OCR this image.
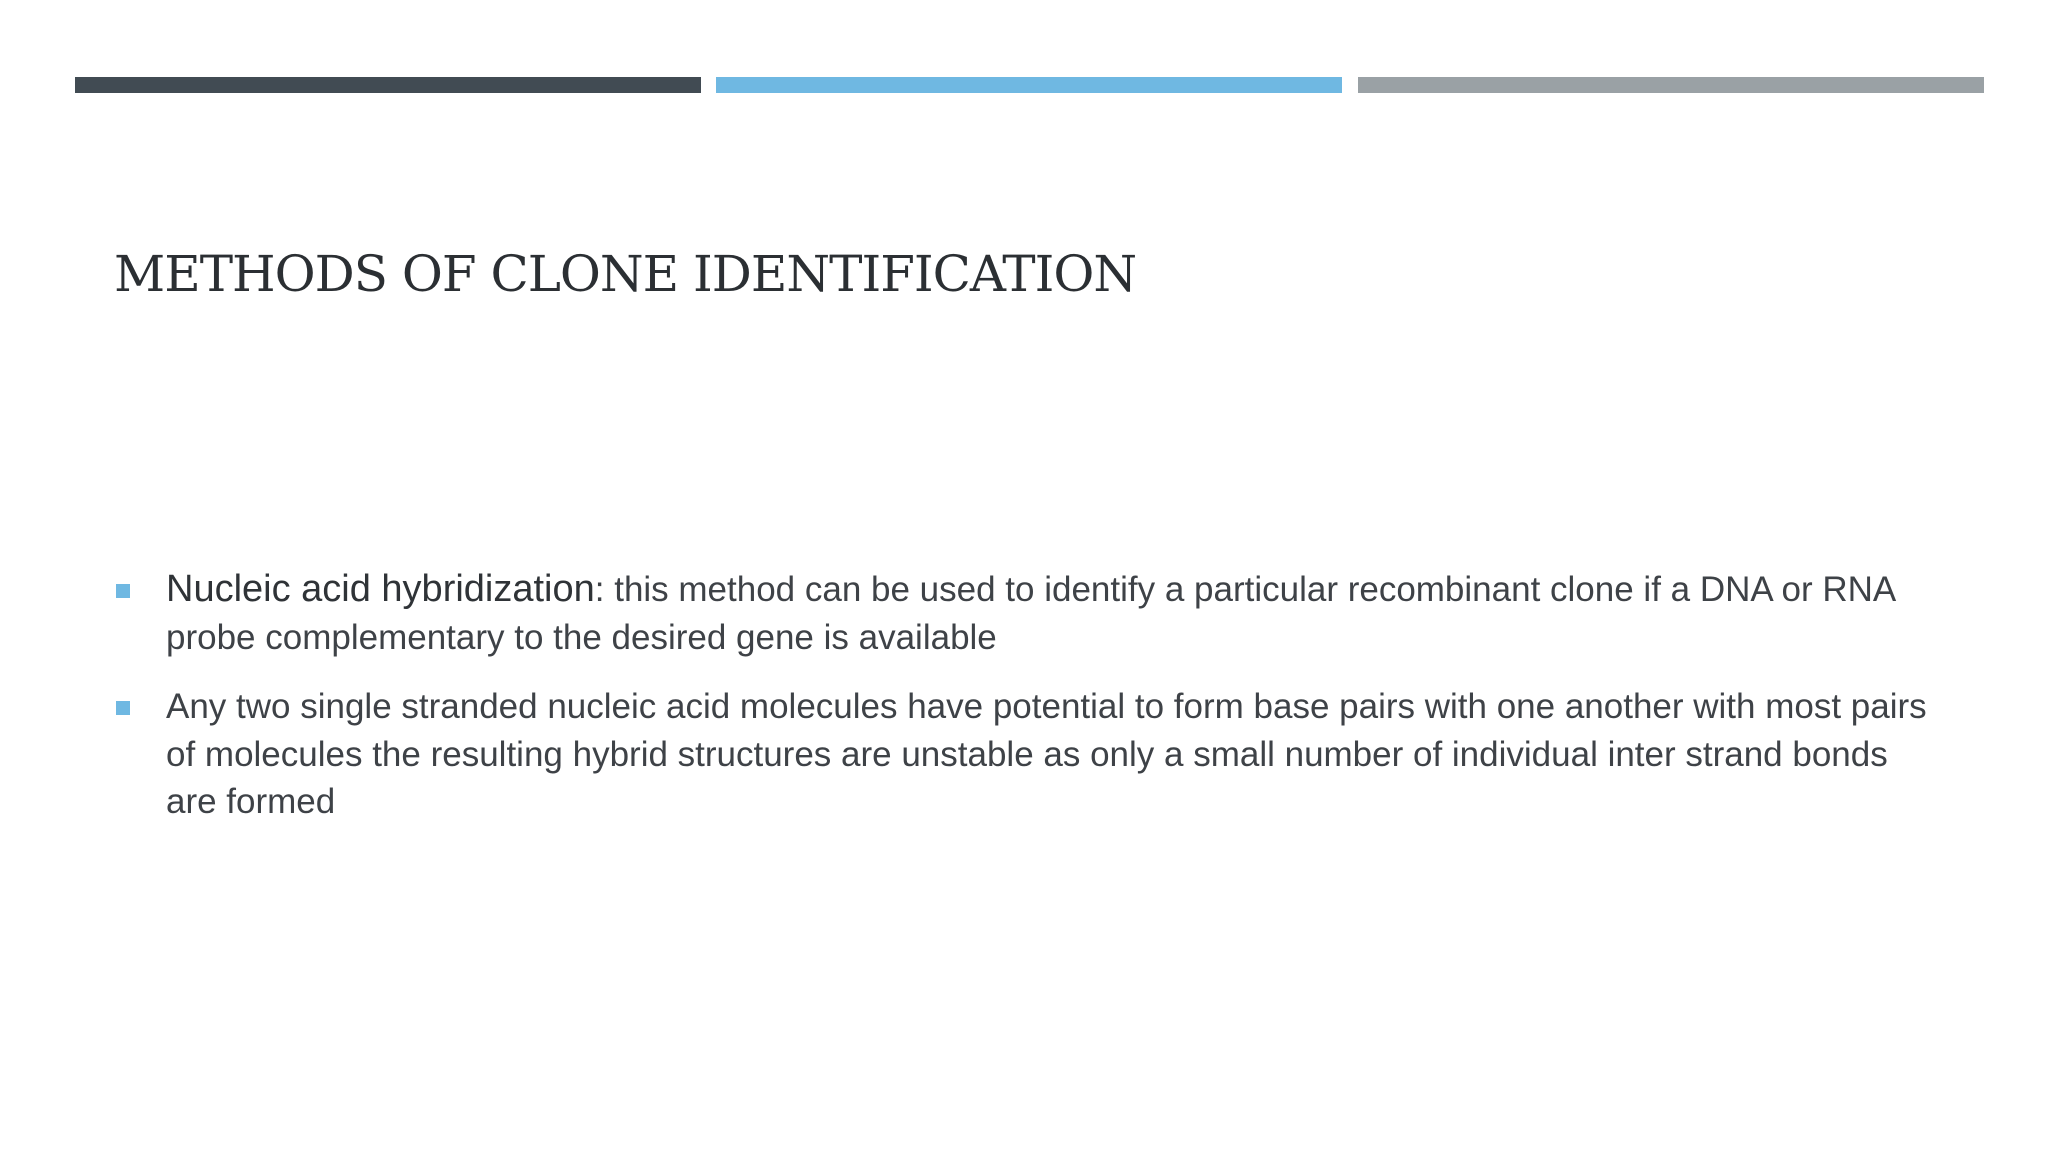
METHODS OF CLONE IDENTIFICATION
Nucleic acid hybridization: this method can be used to identify a particular recombinant clone if a DNA or RNA probe complementary to the desired gene is available
Any two single stranded nucleic acid molecules have potential to form base pairs with one another with most pairs of molecules the resulting hybrid structures are unstable as only a small number of individual inter strand bonds are formed
